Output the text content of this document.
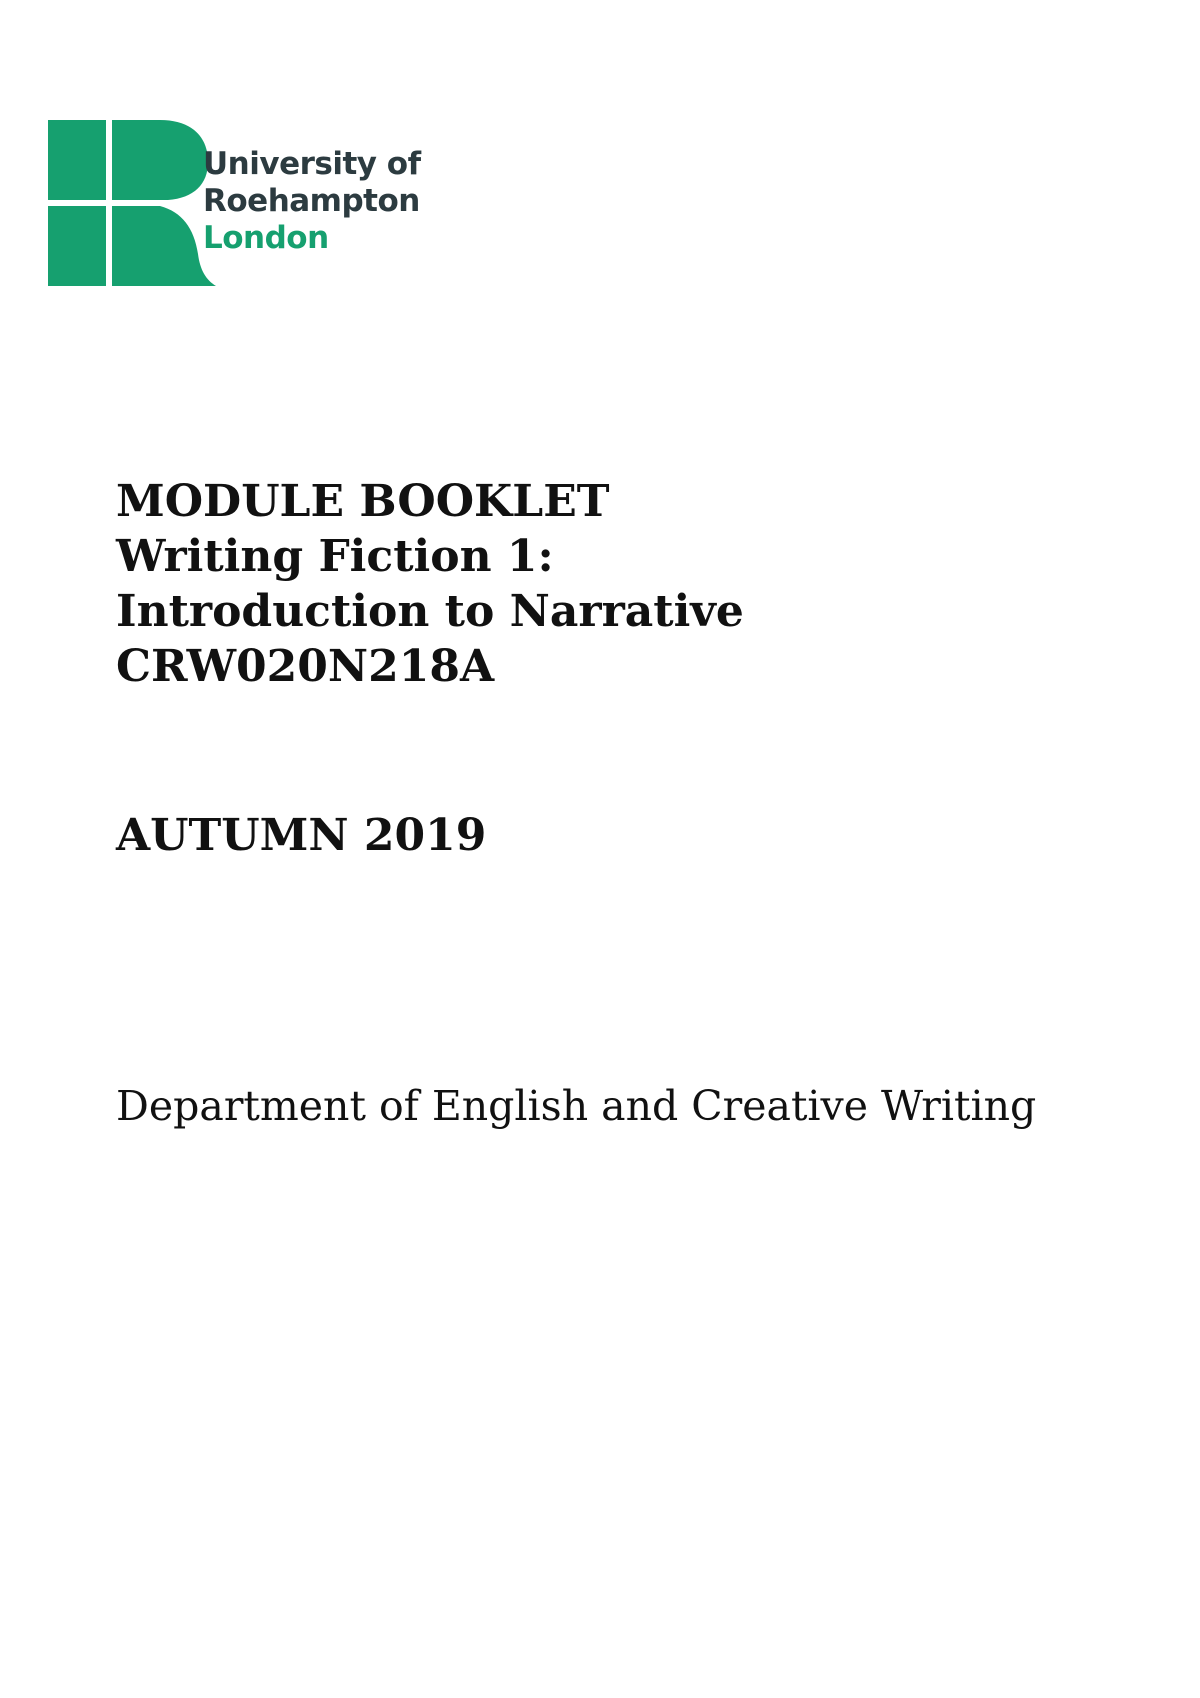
University of
Roehampton
London
MODULE BOOKLET
Writing Fiction 1:
Introduction to Narrative
CRW020N218A
AUTUMN 2019
Department of English and Creative Writing
